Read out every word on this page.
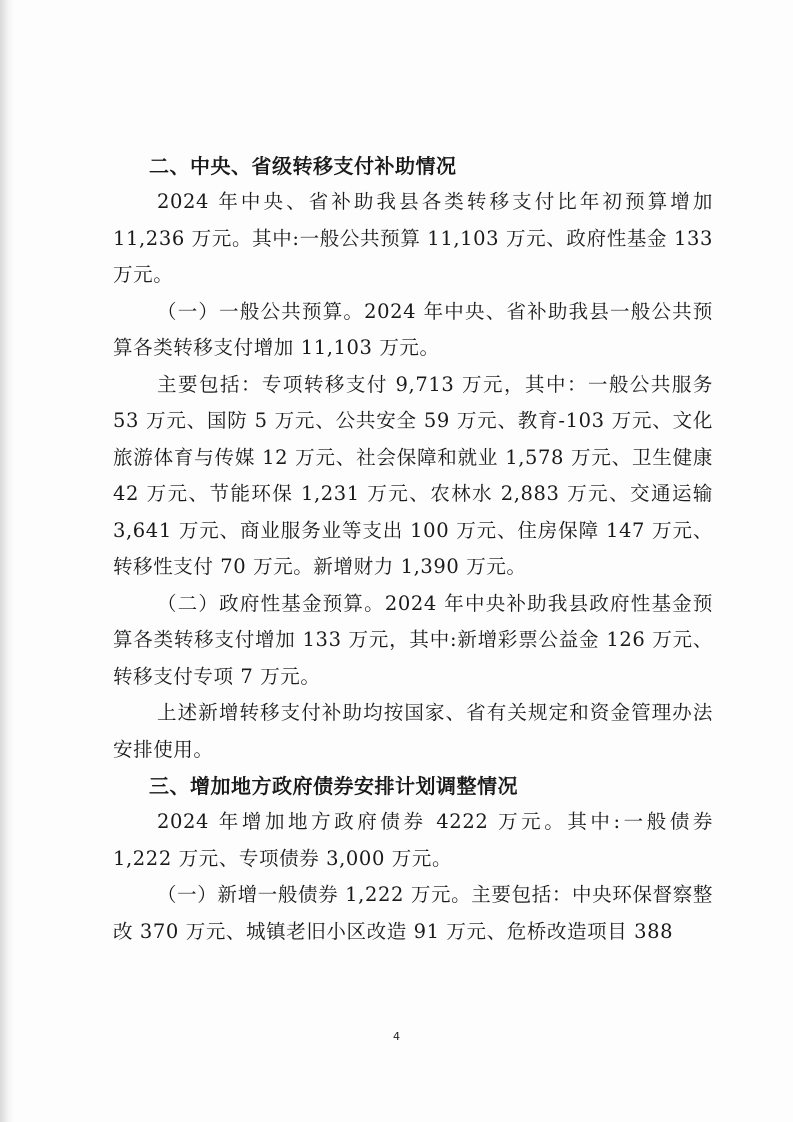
二、中央、省级转移支付补助情况

2024 年中央、省补助我县各类转移支付比年初预算增加 11,236 万元。其中:一般公共预算 11,103 万元、政府性基金 133 万元。

（一）一般公共预算。2024 年中央、省补助我县一般公共预算各类转移支付增加 11,103 万元。

主要包括：专项转移支付 9,713 万元，其中：一般公共服务 53 万元、国防 5 万元、公共安全 59 万元、教育-103 万元、文化旅游体育与传媒 12 万元、社会保障和就业 1,578 万元、卫生健康 42 万元、节能环保 1,231 万元、农林水 2,883 万元、交通运输 3,641 万元、商业服务业等支出 100 万元、住房保障 147 万元、转移性支付 70 万元。新增财力 1,390 万元。

（二）政府性基金预算。2024 年中央补助我县政府性基金预算各类转移支付增加 133 万元，其中:新增彩票公益金 126 万元、转移支付专项 7 万元。

上述新增转移支付补助均按国家、省有关规定和资金管理办法安排使用。

三、增加地方政府债券安排计划调整情况

2024 年增加地方政府债券 4222 万元。其中:一般债券 1,222 万元、专项债券 3,000 万元。

（一）新增一般债券 1,222 万元。主要包括：中央环保督察整改 370 万元、城镇老旧小区改造 91 万元、危桥改造项目 388

4
